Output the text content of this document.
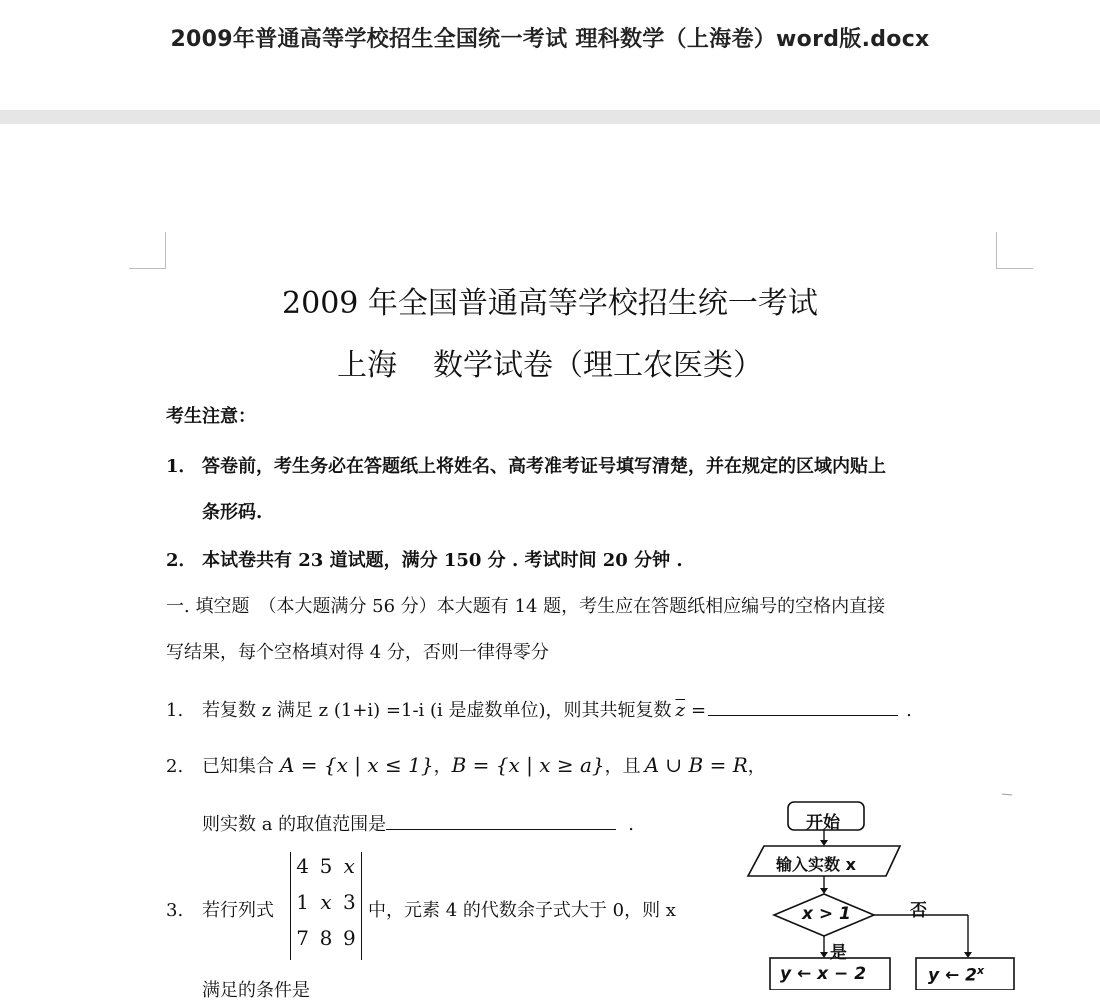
2009年普通高等学校招生全国统一考试 理科数学（上海卷）word版.docx
2009 年全国普通高等学校招生统一考试
上海 数学试卷（理工农医类）
考生注意：
1． 答卷前，考生务必在答题纸上将姓名、高考准考证号填写清楚，并在规定的区域内贴上
条形码.
2． 本试卷共有 23 道试题，满分 150 分 . 考试时间 20 分钟 .
一. 填空题　（本大题满分 56 分）本大题有 14 题，考生应在答题纸相应编号的空格内直接
写结果，每个空格填对得 4 分，否则一律得零分
1. 若复数 z 满足 z (1+i) =1-i (i 是虚数单位)，则其共轭复数 $\overline{z}$ =	.
2. 已知集合 A = {x | x ≤ 1}，B = {x | x ≥ a}，且 A ∪ B = R，
则实数 a 的取值范围是	.
3. 若行列式
4 5 x
1 x 3
7 8 9
中，元素 4 的代数余子式大于 0，则 x
满足的条件是
开始
输入实数 x
x > 1	否
是
y ← x − 2	y ← 2$^x$
